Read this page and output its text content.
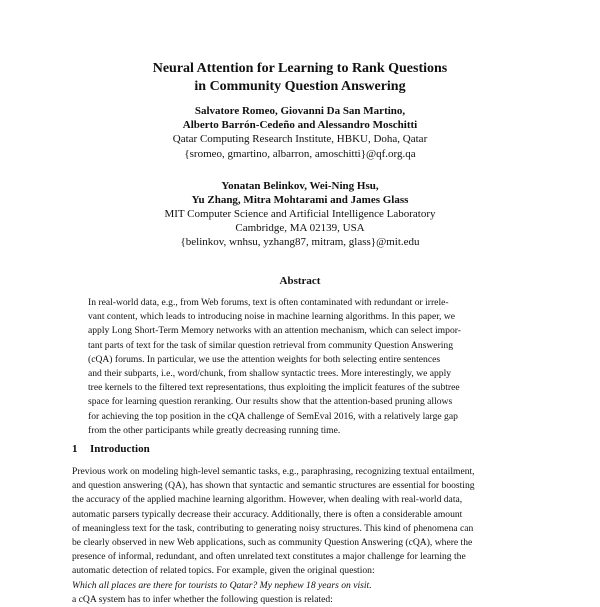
Neural Attention for Learning to Rank Questions
in Community Question Answering
Salvatore Romeo, Giovanni Da San Martino,
Alberto Barrón-Cedeño and Alessandro Moschitti
Qatar Computing Research Institute, HBKU, Doha, Qatar
{sromeo, gmartino, albarron, amoschitti}@qf.org.qa
Yonatan Belinkov, Wei-Ning Hsu,
Yu Zhang, Mitra Mohtarami and James Glass
MIT Computer Science and Artificial Intelligence Laboratory
Cambridge, MA 02139, USA
{belinkov, wnhsu, yzhang87, mitram, glass}@mit.edu
Abstract
In real-world data, e.g., from Web forums, text is often contaminated with redundant or irrele-
vant content, which leads to introducing noise in machine learning algorithms. In this paper, we
apply Long Short-Term Memory networks with an attention mechanism, which can select impor-
tant parts of text for the task of similar question retrieval from community Question Answering
(cQA) forums. In particular, we use the attention weights for both selecting entire sentences
and their subparts, i.e., word/chunk, from shallow syntactic trees. More interestingly, we apply
tree kernels to the filtered text representations, thus exploiting the implicit features of the subtree
space for learning question reranking. Our results show that the attention-based pruning allows
for achieving the top position in the cQA challenge of SemEval 2016, with a relatively large gap
from the other participants while greatly decreasing running time.
1 Introduction
Previous work on modeling high-level semantic tasks, e.g., paraphrasing, recognizing textual entailment,
and question answering (QA), has shown that syntactic and semantic structures are essential for boosting
the accuracy of the applied machine learning algorithm. However, when dealing with real-world data,
automatic parsers typically decrease their accuracy. Additionally, there is often a considerable amount
of meaningless text for the task, contributing to generating noisy structures. This kind of phenomena can
be clearly observed in new Web applications, such as community Question Answering (cQA), where the
presence of informal, redundant, and often unrelated text constitutes a major challenge for learning the
automatic detection of related topics. For example, given the original question:
Which all places are there for tourists to Qatar? My nephew 18 years on visit.
a cQA system has to infer whether the following question is related:
